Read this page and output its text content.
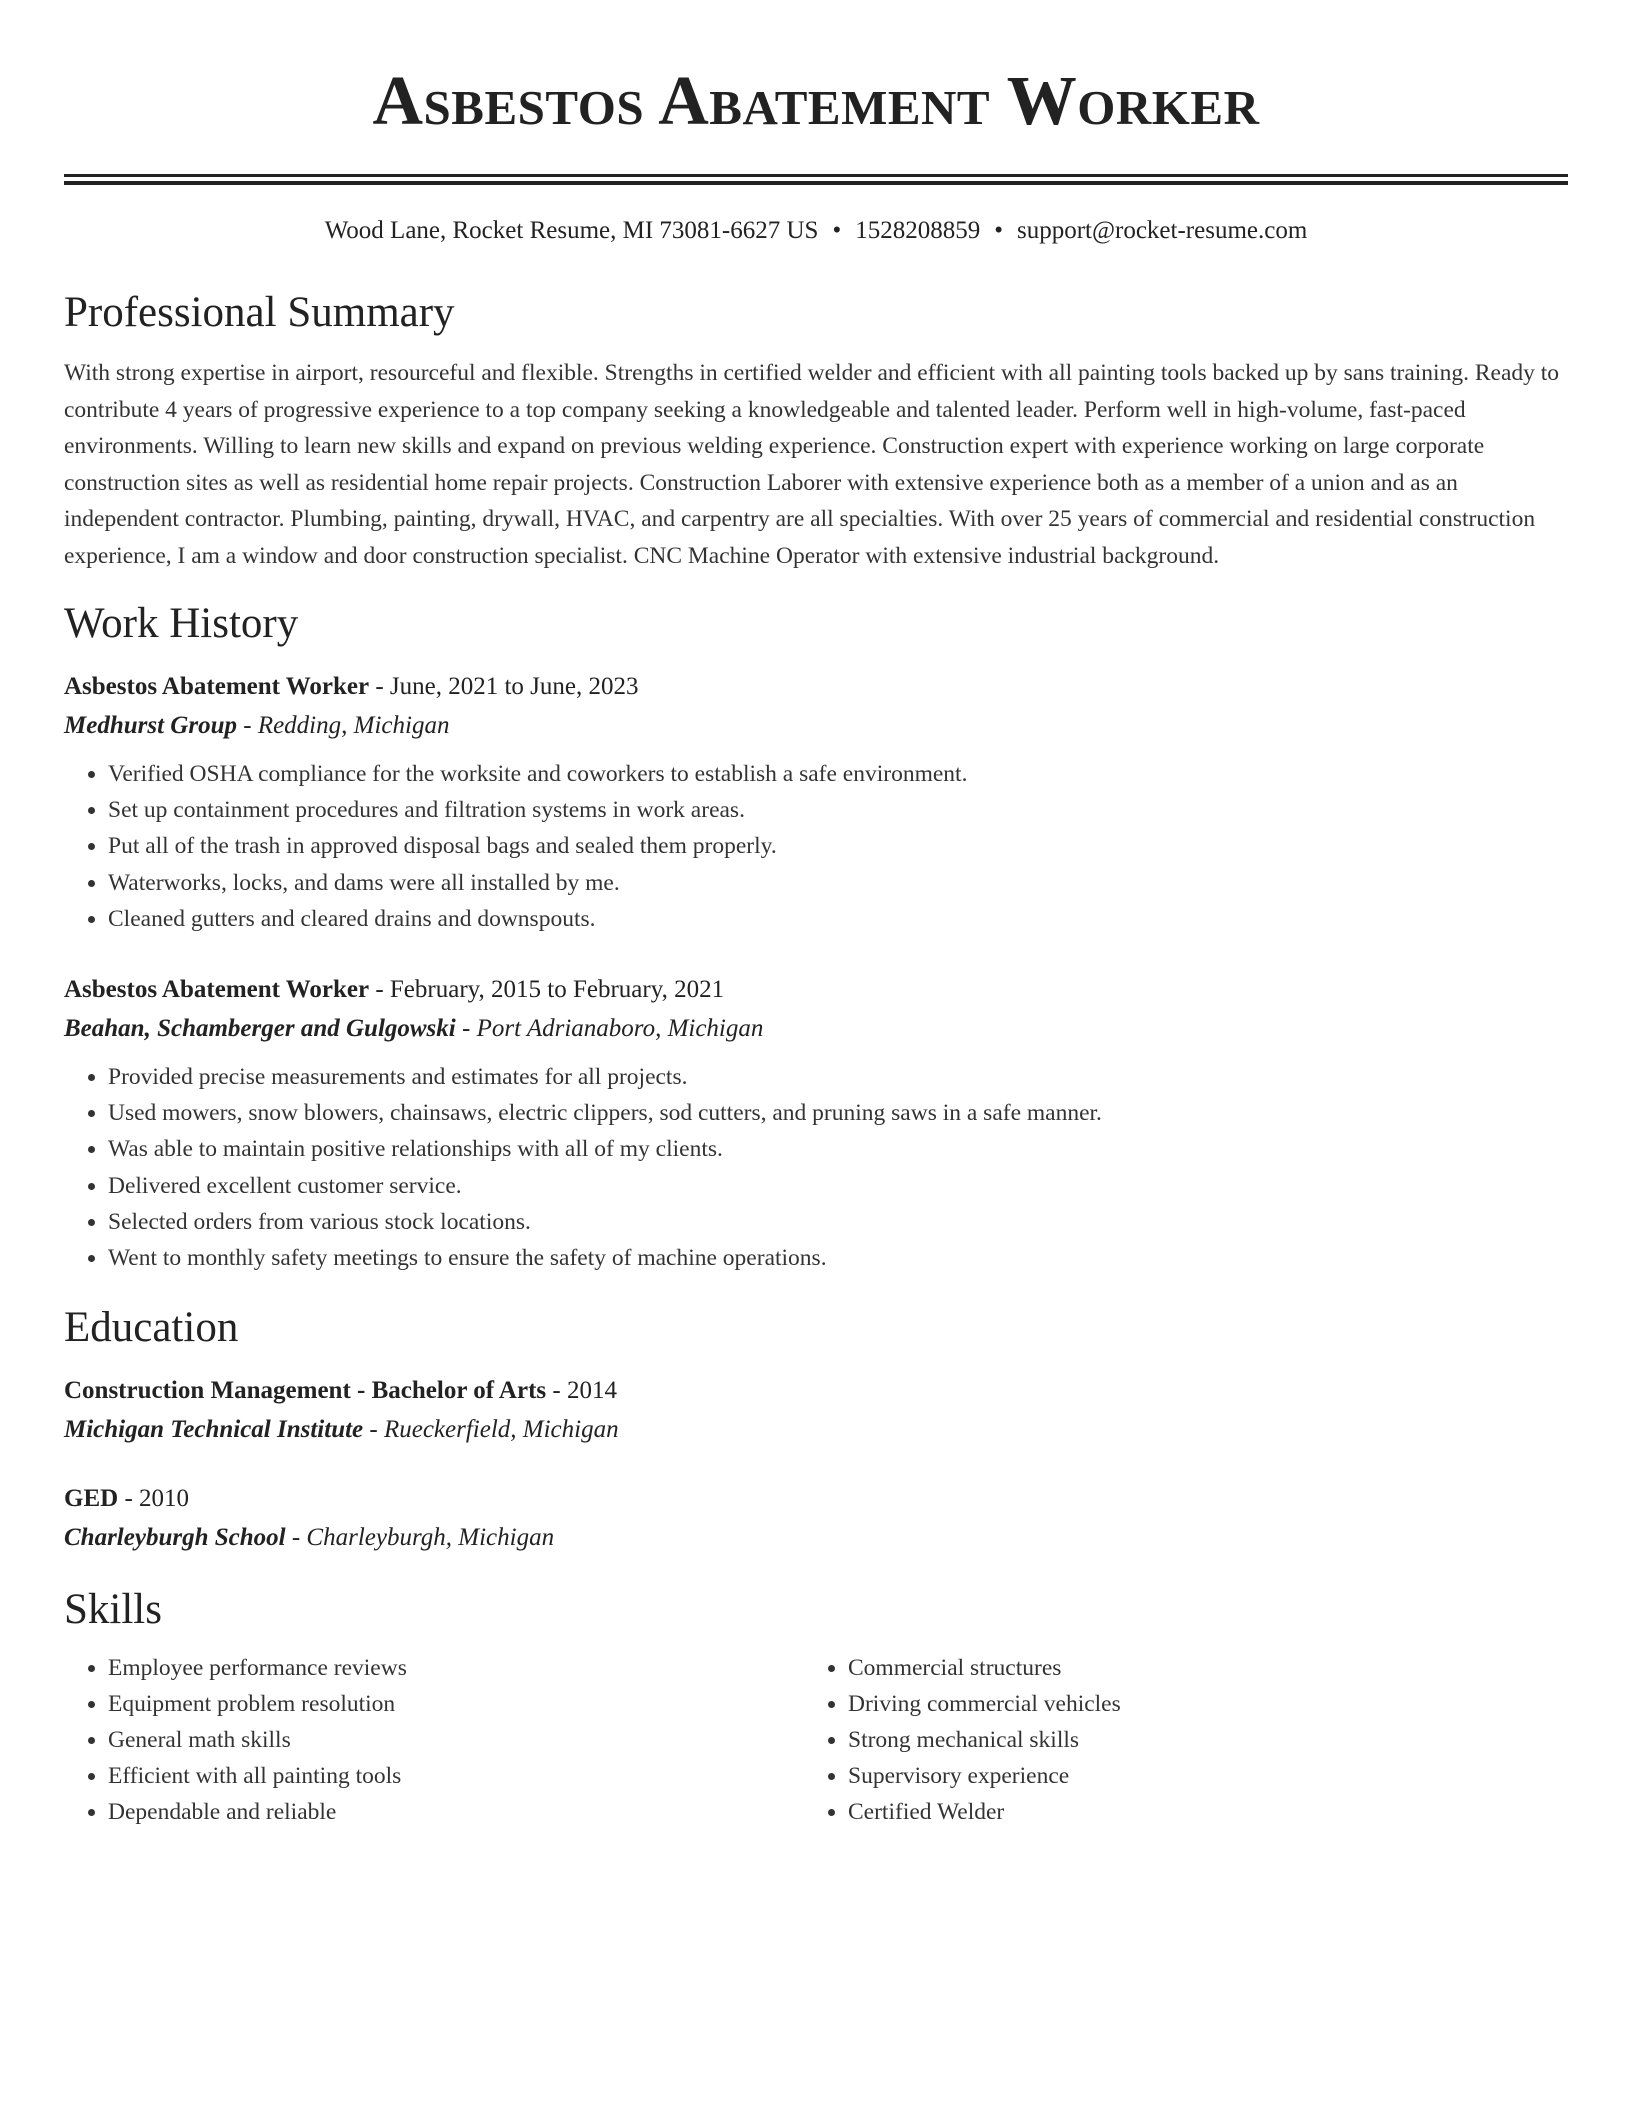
Asbestos Abatement Worker
Wood Lane, Rocket Resume, MI 73081-6627 US • 1528208859 • support@rocket-resume.com
Professional Summary

With strong expertise in airport, resourceful and flexible. Strengths in certified welder and efficient with all painting tools backed up by sans training. Ready to contribute 4 years of progressive experience to a top company seeking a knowledgeable and talented leader. Perform well in high-volume, fast-paced environments. Willing to learn new skills and expand on previous welding experience. Construction expert with experience working on large corporate construction sites as well as residential home repair projects. Construction Laborer with extensive experience both as a member of a union and as an independent contractor. Plumbing, painting, drywall, HVAC, and carpentry are all specialties. With over 25 years of commercial and residential construction experience, I am a window and door construction specialist. CNC Machine Operator with extensive industrial background.

Work History
Asbestos Abatement Worker - June, 2021 to June, 2023
Medhurst Group - Redding, Michigan
• Verified OSHA compliance for the worksite and coworkers to establish a safe environment.
• Set up containment procedures and filtration systems in work areas.
• Put all of the trash in approved disposal bags and sealed them properly.
• Waterworks, locks, and dams were all installed by me.
• Cleaned gutters and cleared drains and downspouts.
Asbestos Abatement Worker - February, 2015 to February, 2021
Beahan, Schamberger and Gulgowski - Port Adrianaboro, Michigan
• Provided precise measurements and estimates for all projects.
• Used mowers, snow blowers, chainsaws, electric clippers, sod cutters, and pruning saws in a safe manner.
• Was able to maintain positive relationships with all of my clients.
• Delivered excellent customer service.
• Selected orders from various stock locations.
• Went to monthly safety meetings to ensure the safety of machine operations.
Education
Construction Management - Bachelor of Arts - 2014
Michigan Technical Institute - Rueckerfield, Michigan
GED - 2010
Charleyburgh School - Charleyburgh, Michigan
Skills
• Employee performance reviews
• Equipment problem resolution
• General math skills
• Efficient with all painting tools
• Dependable and reliable
• Commercial structures
• Driving commercial vehicles
• Strong mechanical skills
• Supervisory experience
• Certified Welder
